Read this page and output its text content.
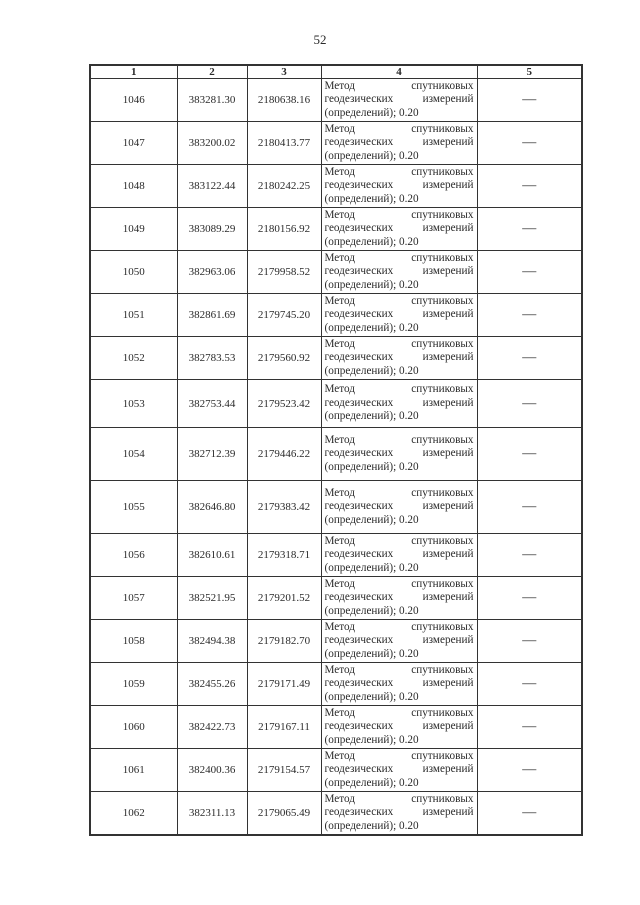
52
1	2	3	4	5
1046	383281.30	2180638.16	Метод спутниковых геодезических измерений (определений); 0.20	—
1047	383200.02	2180413.77	Метод спутниковых геодезических измерений (определений); 0.20	—
1048	383122.44	2180242.25	Метод спутниковых геодезических измерений (определений); 0.20	—
1049	383089.29	2180156.92	Метод спутниковых геодезических измерений (определений); 0.20	—
1050	382963.06	2179958.52	Метод спутниковых геодезических измерений (определений); 0.20	—
1051	382861.69	2179745.20	Метод спутниковых геодезических измерений (определений); 0.20	—
1052	382783.53	2179560.92	Метод спутниковых геодезических измерений (определений); 0.20	—
1053	382753.44	2179523.42	Метод спутниковых геодезических измерений (определений); 0.20	—
1054	382712.39	2179446.22	Метод спутниковых геодезических измерений (определений); 0.20	—
1055	382646.80	2179383.42	Метод спутниковых геодезических измерений (определений); 0.20	—
1056	382610.61	2179318.71	Метод спутниковых геодезических измерений (определений); 0.20	—
1057	382521.95	2179201.52	Метод спутниковых геодезических измерений (определений); 0.20	—
1058	382494.38	2179182.70	Метод спутниковых геодезических измерений (определений); 0.20	—
1059	382455.26	2179171.49	Метод спутниковых геодезических измерений (определений); 0.20	—
1060	382422.73	2179167.11	Метод спутниковых геодезических измерений (определений); 0.20	—
1061	382400.36	2179154.57	Метод спутниковых геодезических измерений (определений); 0.20	—
1062	382311.13	2179065.49	Метод спутниковых геодезических измерений (определений); 0.20	—
